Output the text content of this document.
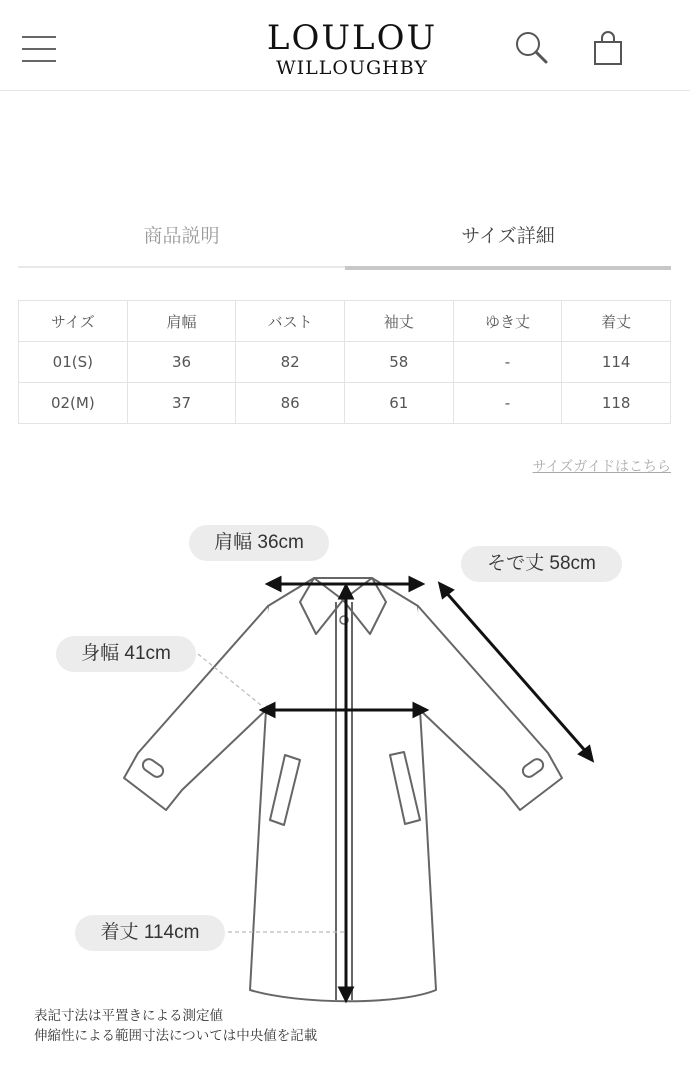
LOULOU
WILLOUGHBY
商品説明	サイズ詳細
サイズ	肩幅	バスト	袖丈	ゆき丈	着丈
01(S)	36	82	58	-	114
02(M)	37	86	61	-	118
サイズガイドはこちら
肩幅 36cm
そで丈 58cm
身幅 41cm
着丈 114cm
表記寸法は平置きによる測定値
伸縮性による範囲寸法については中央値を記載
